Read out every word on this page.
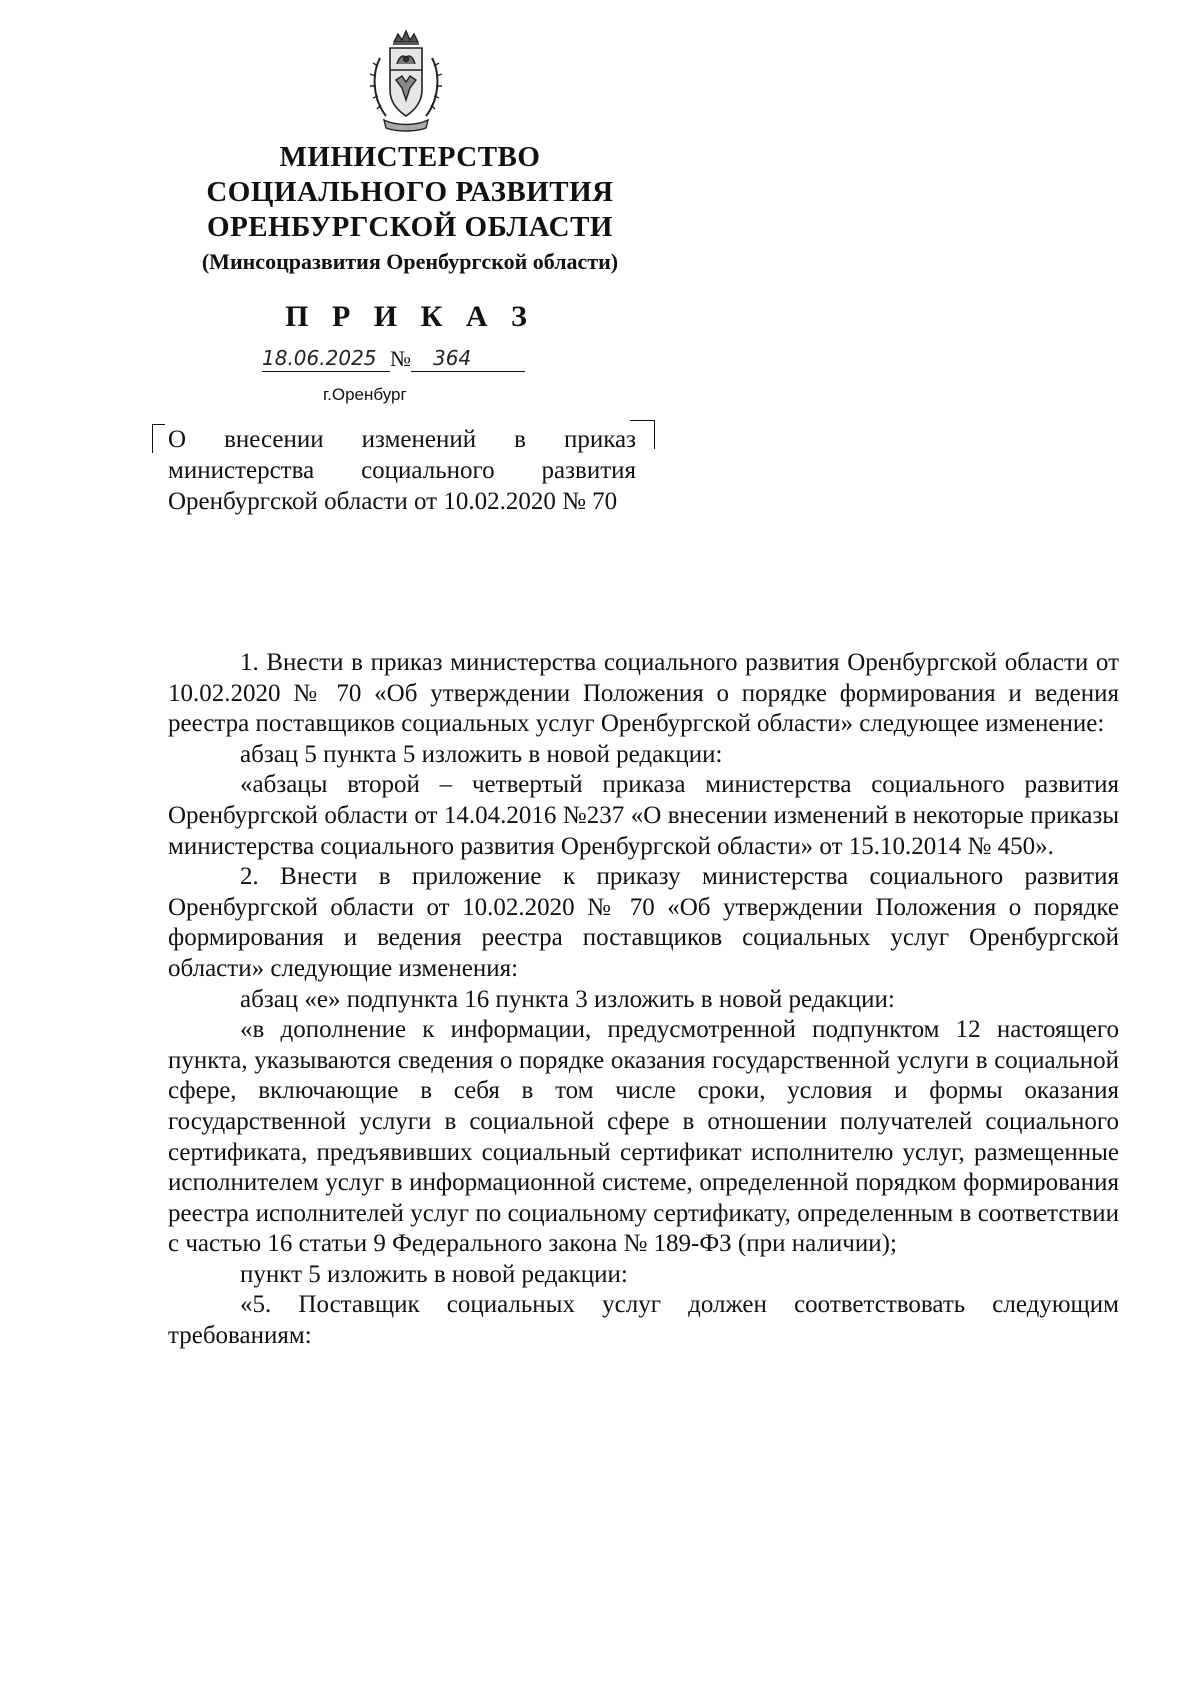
МИНИСТЕРСТВО
СОЦИАЛЬНОГО РАЗВИТИЯ
ОРЕНБУРГСКОЙ ОБЛАСТИ
(Минсоцразвития Оренбургской области)
П Р И К А З
18.06.2025 № 364
г.Оренбург

О внесении изменений в приказ министерства социального развития Оренбургской области от 10.02.2020 № 70

1. Внести в приказ министерства социального развития Оренбургской области от 10.02.2020 № 70 «Об утверждении Положения о порядке формирования и ведения реестра поставщиков социальных услуг Оренбургской области» следующее изменение:

абзац 5 пункта 5 изложить в новой редакции:

«абзацы второй – четвертый приказа министерства социального развития Оренбургской области от 14.04.2016 №237 «О внесении изменений в некоторые приказы министерства социального развития Оренбургской области» от 15.10.2014 № 450».

2. Внести в приложение к приказу министерства социального развития Оренбургской области от 10.02.2020 № 70 «Об утверждении Положения о порядке формирования и ведения реестра поставщиков социальных услуг Оренбургской области» следующие изменения:

абзац «е» подпункта 16 пункта 3 изложить в новой редакции:

«в дополнение к информации, предусмотренной подпунктом 12 настоящего пункта, указываются сведения о порядке оказания государственной услуги в социальной сфере, включающие в себя в том числе сроки, условия и формы оказания государственной услуги в социальной сфере в отношении получателей социального сертификата, предъявивших социальный сертификат исполнителю услуг, размещенные исполнителем услуг в информационной системе, определенной порядком формирования реестра исполнителей услуг по социальному сертификату, определенным в соответствии с частью 16 статьи 9 Федерального закона № 189-ФЗ (при наличии);

пункт 5 изложить в новой редакции:

«5. Поставщик социальных услуг должен соответствовать следующим требованиям:
